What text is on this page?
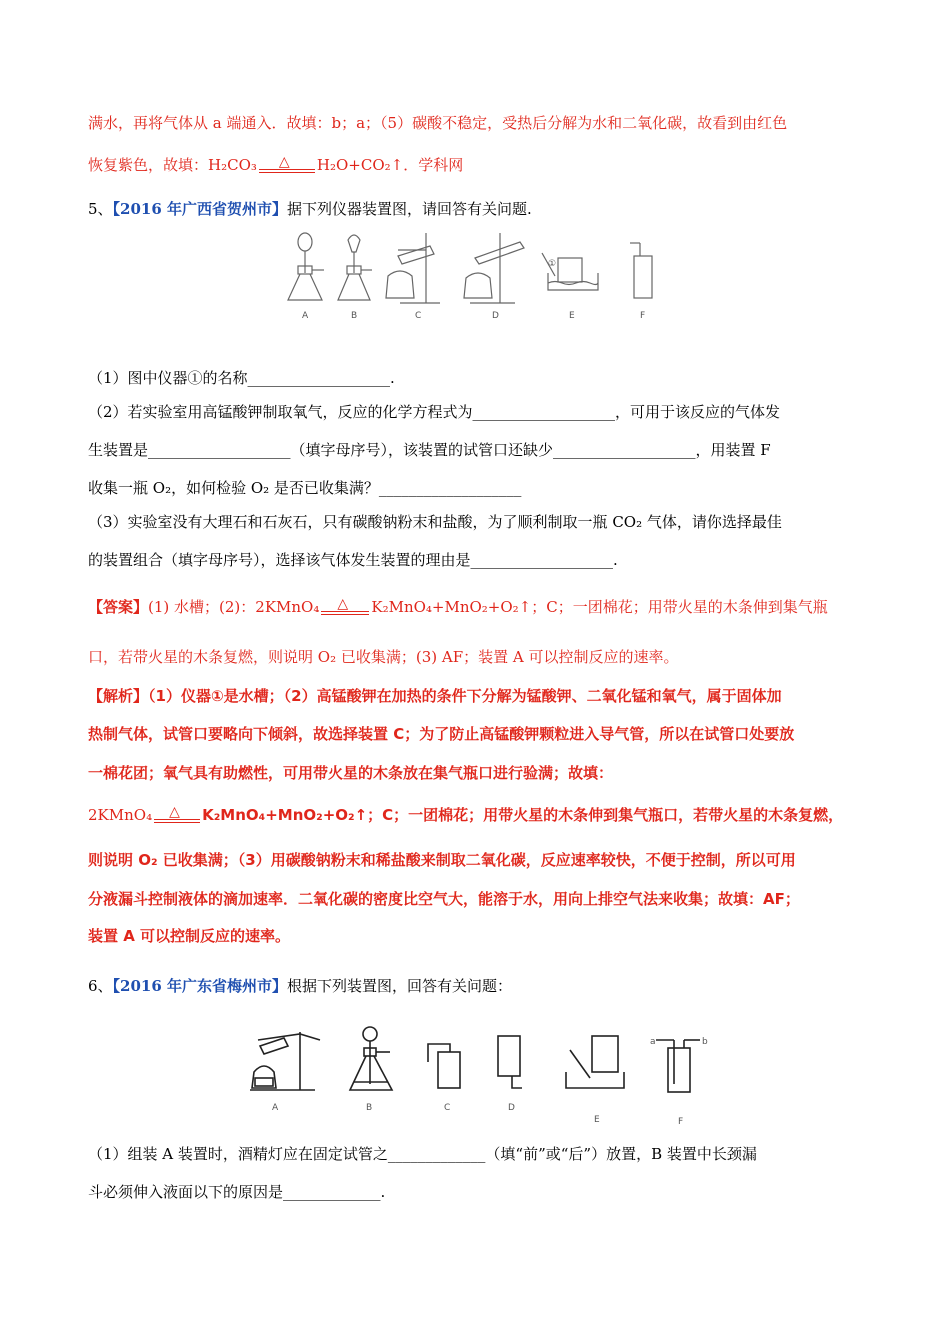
满水，再将气体从 a 端通入．故填：b；a；（5）碳酸不稳定，受热后分解为水和二氧化碳，故看到由红色
恢复紫色，故填：H₂CO₃ △ H₂O+CO₂↑．学科网
5、【2016 年广西省贺州市】据下列仪器装置图，请回答有关问题.
①
A	B	C	D	E	F
（1）图中仪器①的名称___________________.
（2）若实验室用高锰酸钾制取氧气，反应的化学方程式为___________________，可用于该反应的气体发
生装置是___________________（填字母序号），该装置的试管口还缺少___________________，用装置 F
收集一瓶 O₂，如何检验 O₂ 是否已收集满？___________________
（3）实验室没有大理石和石灰石，只有碳酸钠粉末和盐酸，为了顺利制取一瓶 CO₂ 气体，请你选择最佳
的装置组合（填字母序号），选择该气体发生装置的理由是___________________.
【答案】(1) 水槽；(2)：2KMnO₄ △ K₂MnO₄+MnO₂+O₂↑；C；一团棉花；用带火星的木条伸到集气瓶
口，若带火星的木条复燃，则说明 O₂ 已收集满；(3) AF；装置 A 可以控制反应的速率。
【解析】（1）仪器①是水槽；（2）高锰酸钾在加热的条件下分解为锰酸钾、二氧化锰和氧气，属于固体加
热制气体，试管口要略向下倾斜，故选择装置 C；为了防止高锰酸钾颗粒进入导气管，所以在试管口处要放
一棉花团；氧气具有助燃性，可用带火星的木条放在集气瓶口进行验满；故填：
2KMnO₄ △ K₂MnO₄+MnO₂+O₂↑；C；一团棉花；用带火星的木条伸到集气瓶口，若带火星的木条复燃，
则说明 O₂ 已收集满；（3）用碳酸钠粉末和稀盐酸来制取二氧化碳，反应速率较快，不便于控制，所以可用
分液漏斗控制液体的滴加速率．二氧化碳的密度比空气大，能溶于水，用向上排空气法来收集；故填：AF；
装置 A 可以控制反应的速率。
6、【2016 年广东省梅州市】根据下列装置图，回答有关问题：
A	B	C	D
E	F
a	b
（1）组装 A 装置时，酒精灯应在固定试管之_____________（填“前”或“后”）放置，B 装置中长颈漏
斗必须伸入液面以下的原因是_____________.
